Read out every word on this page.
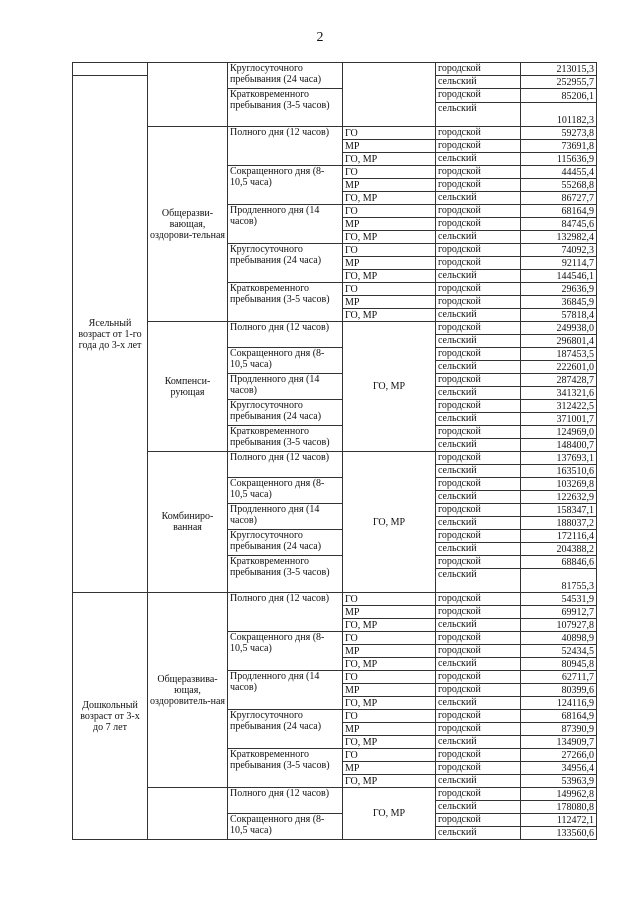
2
		Круглосуточного пребывания (24 часа)		городской	213015,3
Ясельный возраст от 1-го года до 3-х лет				сельский	252955,7
		Кратковременного пребывания (3-5 часов)		городской	85206,1
				сельский	101182,3
	Общеразви-вающая, оздорови-тельная	Полного дня (12 часов)	ГО	городской	59273,8
			МР	городской	73691,8
			ГО, МР	сельский	115636,9
		Сокращенного дня (8-10,5 часа)	ГО	городской	44455,4
			МР	городской	55268,8
			ГО, МР	сельский	86727,7
		Продленного дня (14 часов)	ГО	городской	68164,9
			МР	городской	84745,6
			ГО, МР	сельский	132982,4
		Круглосуточного пребывания (24 часа)	ГО	городской	74092,3
			МР	городской	92114,7
			ГО, МР	сельский	144546,1
		Кратковременного пребывания (3-5 часов)	ГО	городской	29636,9
			МР	городской	36845,9
			ГО, МР	сельский	57818,4
	Компенси-рующая	Полного дня (12 часов)	ГО, МР	городской	249938,0
				сельский	296801,4
		Сокращенного дня (8-10,5 часа)		городской	187453,5
				сельский	222601,0
		Продленного дня (14 часов)		городской	287428,7
				сельский	341321,6
		Круглосуточного пребывания (24 часа)		городской	312422,5
				сельский	371001,7
		Кратковременного пребывания (3-5 часов)		городской	124969,0
				сельский	148400,7
	Комбиниро-ванная	Полного дня (12 часов)	ГО, МР	городской	137693,1
				сельский	163510,6
		Сокращенного дня (8-10,5 часа)		городской	103269,8
				сельский	122632,9
		Продленного дня (14 часов)		городской	158347,1
				сельский	188037,2
		Круглосуточного пребывания (24 часа)		городской	172116,4
				сельский	204388,2
		Кратковременного пребывания (3-5 часов)		городской	68846,6
				сельский	81755,3
Дошкольный возраст от 3-х до 7 лет	Общеразвива-ющая, оздоровитель-ная	Полного дня (12 часов)	ГО	городской	54531,9
			МР	городской	69912,7
			ГО, МР	сельский	107927,8
		Сокращенного дня (8-10,5 часа)	ГО	городской	40898,9
			МР	городской	52434,5
			ГО, МР	сельский	80945,8
		Продленного дня (14 часов)	ГО	городской	62711,7
			МР	городской	80399,6
			ГО, МР	сельский	124116,9
		Круглосуточного пребывания (24 часа)	ГО	городской	68164,9
			МР	городской	87390,9
			ГО, МР	сельский	134909,7
		Кратковременного пребывания (3-5 часов)	ГО	городской	27266,0
			МР	городской	34956,4
			ГО, МР	сельский	53963,9
		Полного дня (12 часов)	ГО, МР	городской	149962,8
				сельский	178080,8
		Сокращенного дня (8-10,5 часа)		городской	112472,1
				сельский	133560,6
